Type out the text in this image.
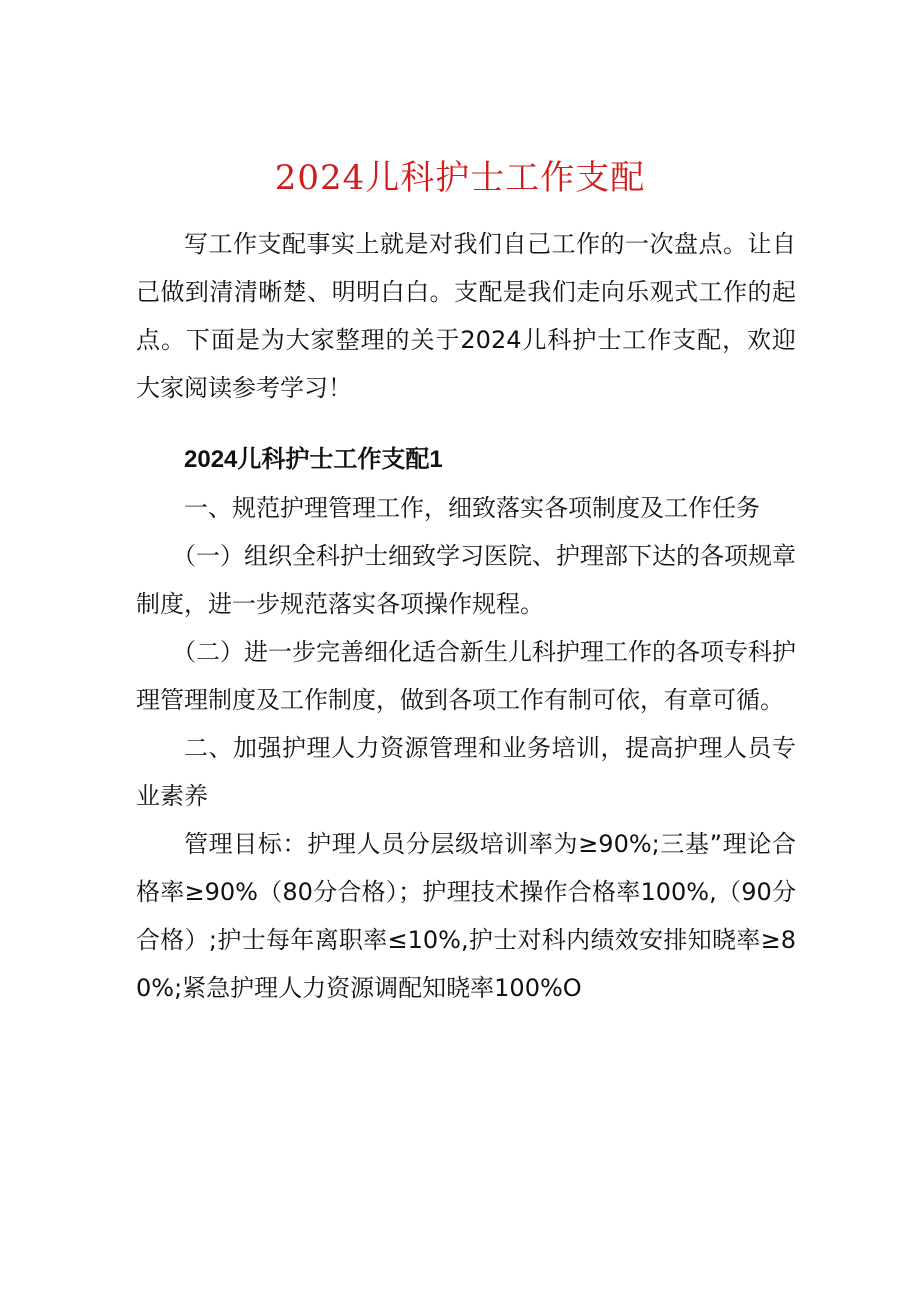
2024儿科护士工作支配

写工作支配事实上就是对我们自己工作的一次盘点。让自己做到清清晰楚、明明白白。支配是我们走向乐观式工作的起点。下面是为大家整理的关于2024儿科护士工作支配，欢迎大家阅读参考学习！

2024儿科护士工作支配1

一、规范护理管理工作，细致落实各项制度及工作任务

（一）组织全科护士细致学习医院、护理部下达的各项规章制度，进一步规范落实各项操作规程。

（二）进一步完善细化适合新生儿科护理工作的各项专科护理管理制度及工作制度，做到各项工作有制可依，有章可循。

二、加强护理人力资源管理和业务培训，提高护理人员专业素养

管理目标：护理人员分层级培训率为≥90%;三基”理论合格率≥90%（80分合格）；护理技术操作合格率100%,（90分合格）;护士每年离职率≤10%,护士对科内绩效安排知晓率≥80%;紧急护理人力资源调配知晓率100%O
